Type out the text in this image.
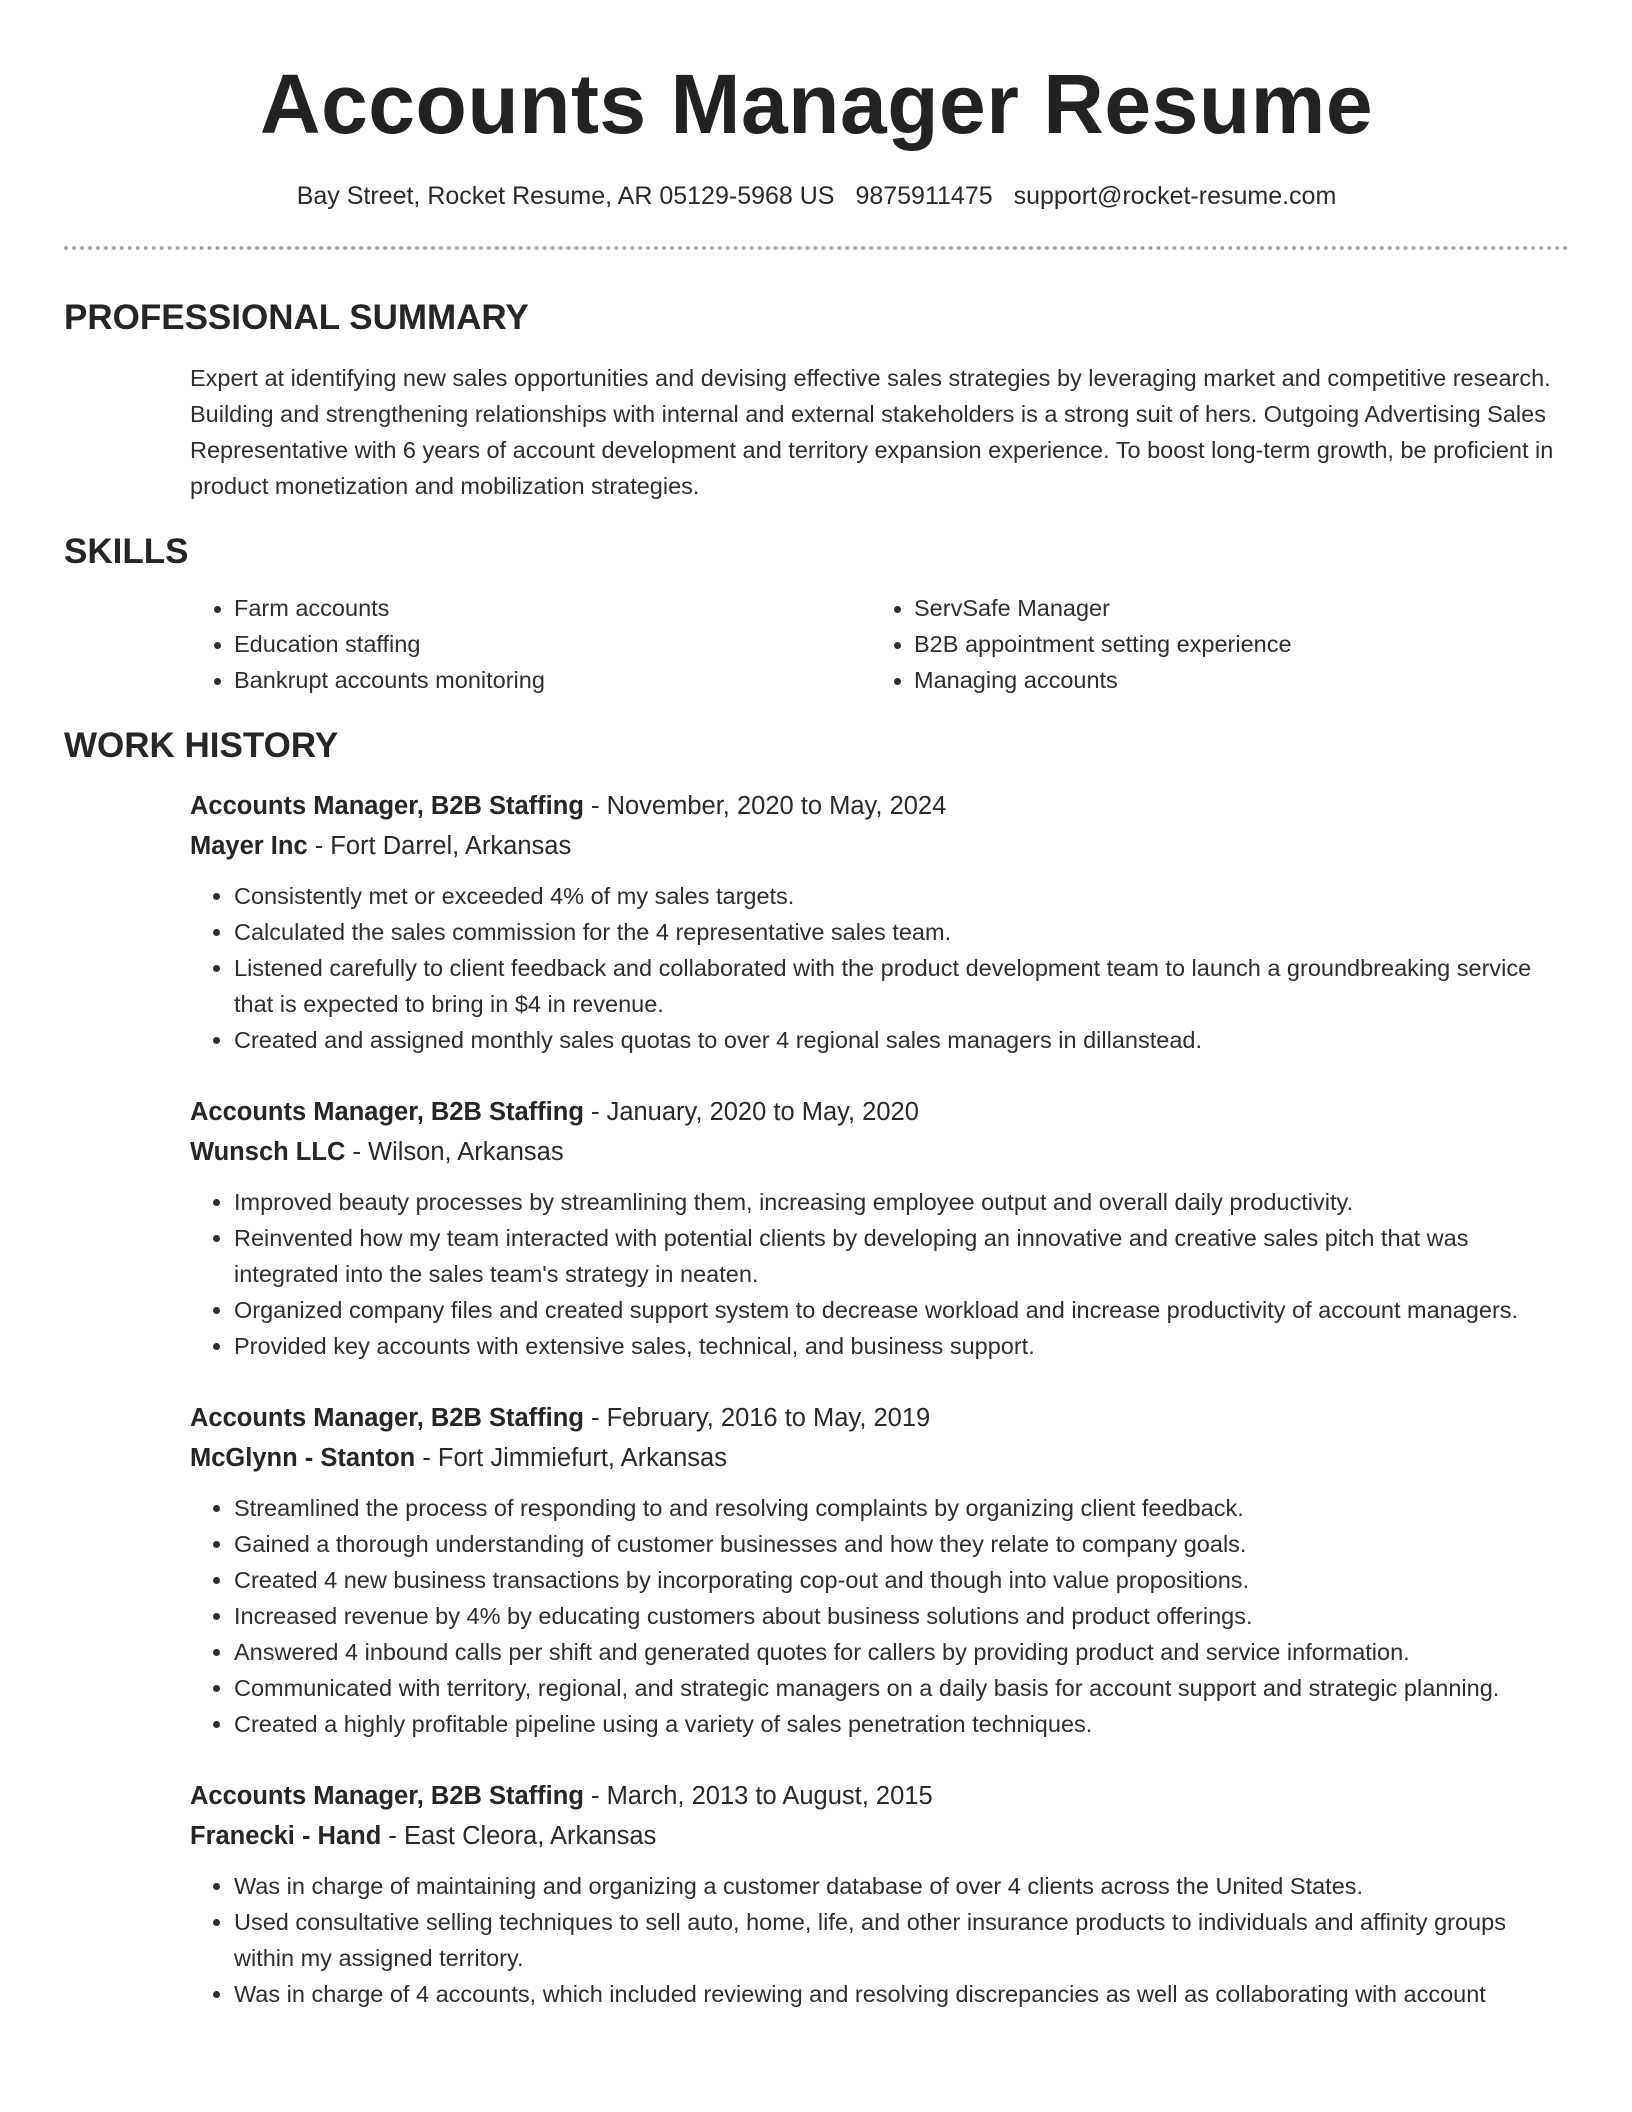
Accounts Manager Resume
Bay Street, Rocket Resume, AR 05129-5968 US 9875911475 support@rocket-resume.com
PROFESSIONAL SUMMARY
Expert at identifying new sales opportunities and devising effective sales strategies by leveraging market and competitive research. Building and strengthening relationships with internal and external stakeholders is a strong suit of hers. Outgoing Advertising Sales Representative with 6 years of account development and territory expansion experience. To boost long-term growth, be proficient in product monetization and mobilization strategies.
SKILLS
• Farm accounts
• Education staffing
• Bankrupt accounts monitoring
• ServSafe Manager
• B2B appointment setting experience
• Managing accounts
WORK HISTORY
Accounts Manager, B2B Staffing - November, 2020 to May, 2024
Mayer Inc - Fort Darrel, Arkansas
• Consistently met or exceeded 4% of my sales targets.
• Calculated the sales commission for the 4 representative sales team.
• Listened carefully to client feedback and collaborated with the product development team to launch a groundbreaking service that is expected to bring in $4 in revenue.
• Created and assigned monthly sales quotas to over 4 regional sales managers in dillanstead.
Accounts Manager, B2B Staffing - January, 2020 to May, 2020
Wunsch LLC - Wilson, Arkansas
• Improved beauty processes by streamlining them, increasing employee output and overall daily productivity.
• Reinvented how my team interacted with potential clients by developing an innovative and creative sales pitch that was integrated into the sales team's strategy in neaten.
• Organized company files and created support system to decrease workload and increase productivity of account managers.
• Provided key accounts with extensive sales, technical, and business support.
Accounts Manager, B2B Staffing - February, 2016 to May, 2019
McGlynn - Stanton - Fort Jimmiefurt, Arkansas
• Streamlined the process of responding to and resolving complaints by organizing client feedback.
• Gained a thorough understanding of customer businesses and how they relate to company goals.
• Created 4 new business transactions by incorporating cop-out and though into value propositions.
• Increased revenue by 4% by educating customers about business solutions and product offerings.
• Answered 4 inbound calls per shift and generated quotes for callers by providing product and service information.
• Communicated with territory, regional, and strategic managers on a daily basis for account support and strategic planning.
• Created a highly profitable pipeline using a variety of sales penetration techniques.
Accounts Manager, B2B Staffing - March, 2013 to August, 2015
Franecki - Hand - East Cleora, Arkansas
• Was in charge of maintaining and organizing a customer database of over 4 clients across the United States.
• Used consultative selling techniques to sell auto, home, life, and other insurance products to individuals and affinity groups within my assigned territory.
• Was in charge of 4 accounts, which included reviewing and resolving discrepancies as well as collaborating with account
